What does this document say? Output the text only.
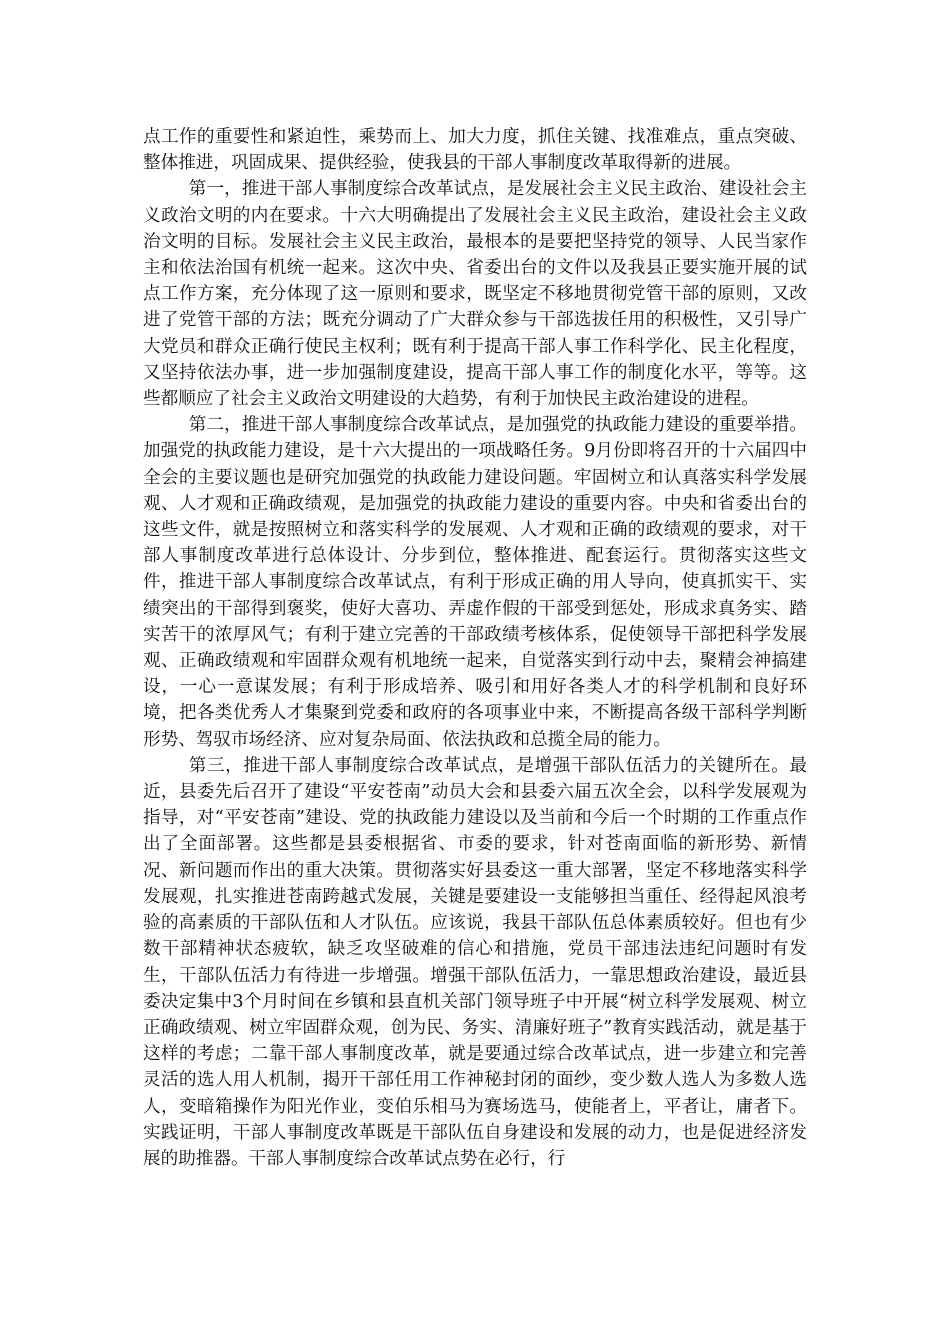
点工作的重要性和紧迫性，乘势而上、加大力度，抓住关键、找准难点，重点突破、整体推进，巩固成果、提供经验，使我县的干部人事制度改革取得新的进展。

第一，推进干部人事制度综合改革试点，是发展社会主义民主政治、建设社会主义政治文明的内在要求。十六大明确提出了发展社会主义民主政治，建设社会主义政治文明的目标。发展社会主义民主政治，最根本的是要把坚持党的领导、人民当家作主和依法治国有机统一起来。这次中央、省委出台的文件以及我县正要实施开展的试点工作方案，充分体现了这一原则和要求，既坚定不移地贯彻党管干部的原则，又改进了党管干部的方法；既充分调动了广大群众参与干部选拔任用的积极性，又引导广大党员和群众正确行使民主权利；既有利于提高干部人事工作科学化、民主化程度，又坚持依法办事，进一步加强制度建设，提高干部人事工作的制度化水平，等等。这些都顺应了社会主义政治文明建设的大趋势，有利于加快民主政治建设的进程。

第二，推进干部人事制度综合改革试点，是加强党的执政能力建设的重要举措。加强党的执政能力建设，是十六大提出的一项战略任务。9月份即将召开的十六届四中全会的主要议题也是研究加强党的执政能力建设问题。牢固树立和认真落实科学发展观、人才观和正确政绩观，是加强党的执政能力建设的重要内容。中央和省委出台的这些文件，就是按照树立和落实科学的发展观、人才观和正确的政绩观的要求，对干部人事制度改革进行总体设计、分步到位，整体推进、配套运行。贯彻落实这些文件，推进干部人事制度综合改革试点，有利于形成正确的用人导向，使真抓实干、实绩突出的干部得到褒奖，使好大喜功、弄虚作假的干部受到惩处，形成求真务实、踏实苦干的浓厚风气；有利于建立完善的干部政绩考核体系，促使领导干部把科学发展观、正确政绩观和牢固群众观有机地统一起来，自觉落实到行动中去，聚精会神搞建设，一心一意谋发展；有利于形成培养、吸引和用好各类人才的科学机制和良好环境，把各类优秀人才集聚到党委和政府的各项事业中来，不断提高各级干部科学判断形势、驾驭市场经济、应对复杂局面、依法执政和总揽全局的能力。

第三，推进干部人事制度综合改革试点，是增强干部队伍活力的关键所在。最近，县委先后召开了建设“平安苍南”动员大会和县委六届五次全会，以科学发展观为指导，对“平安苍南”建设、党的执政能力建设以及当前和今后一个时期的工作重点作出了全面部署。这些都是县委根据省、市委的要求，针对苍南面临的新形势、新情况、新问题而作出的重大决策。贯彻落实好县委这一重大部署，坚定不移地落实科学发展观，扎实推进苍南跨越式发展，关键是要建设一支能够担当重任、经得起风浪考验的高素质的干部队伍和人才队伍。应该说，我县干部队伍总体素质较好。但也有少数干部精神状态疲软，缺乏攻坚破难的信心和措施，党员干部违法违纪问题时有发生，干部队伍活力有待进一步增强。增强干部队伍活力，一靠思想政治建设，最近县委决定集中3个月时间在乡镇和县直机关部门领导班子中开展“树立科学发展观、树立正确政绩观、树立牢固群众观，创为民、务实、清廉好班子”教育实践活动，就是基于这样的考虑；二靠干部人事制度改革，就是要通过综合改革试点，进一步建立和完善灵活的选人用人机制，揭开干部任用工作神秘封闭的面纱，变少数人选人为多数人选人，变暗箱操作为阳光作业，变伯乐相马为赛场选马，使能者上，平者让，庸者下。实践证明，干部人事制度改革既是干部队伍自身建设和发展的动力，也是促进经济发展的助推器。干部人事制度综合改革试点势在必行，行
